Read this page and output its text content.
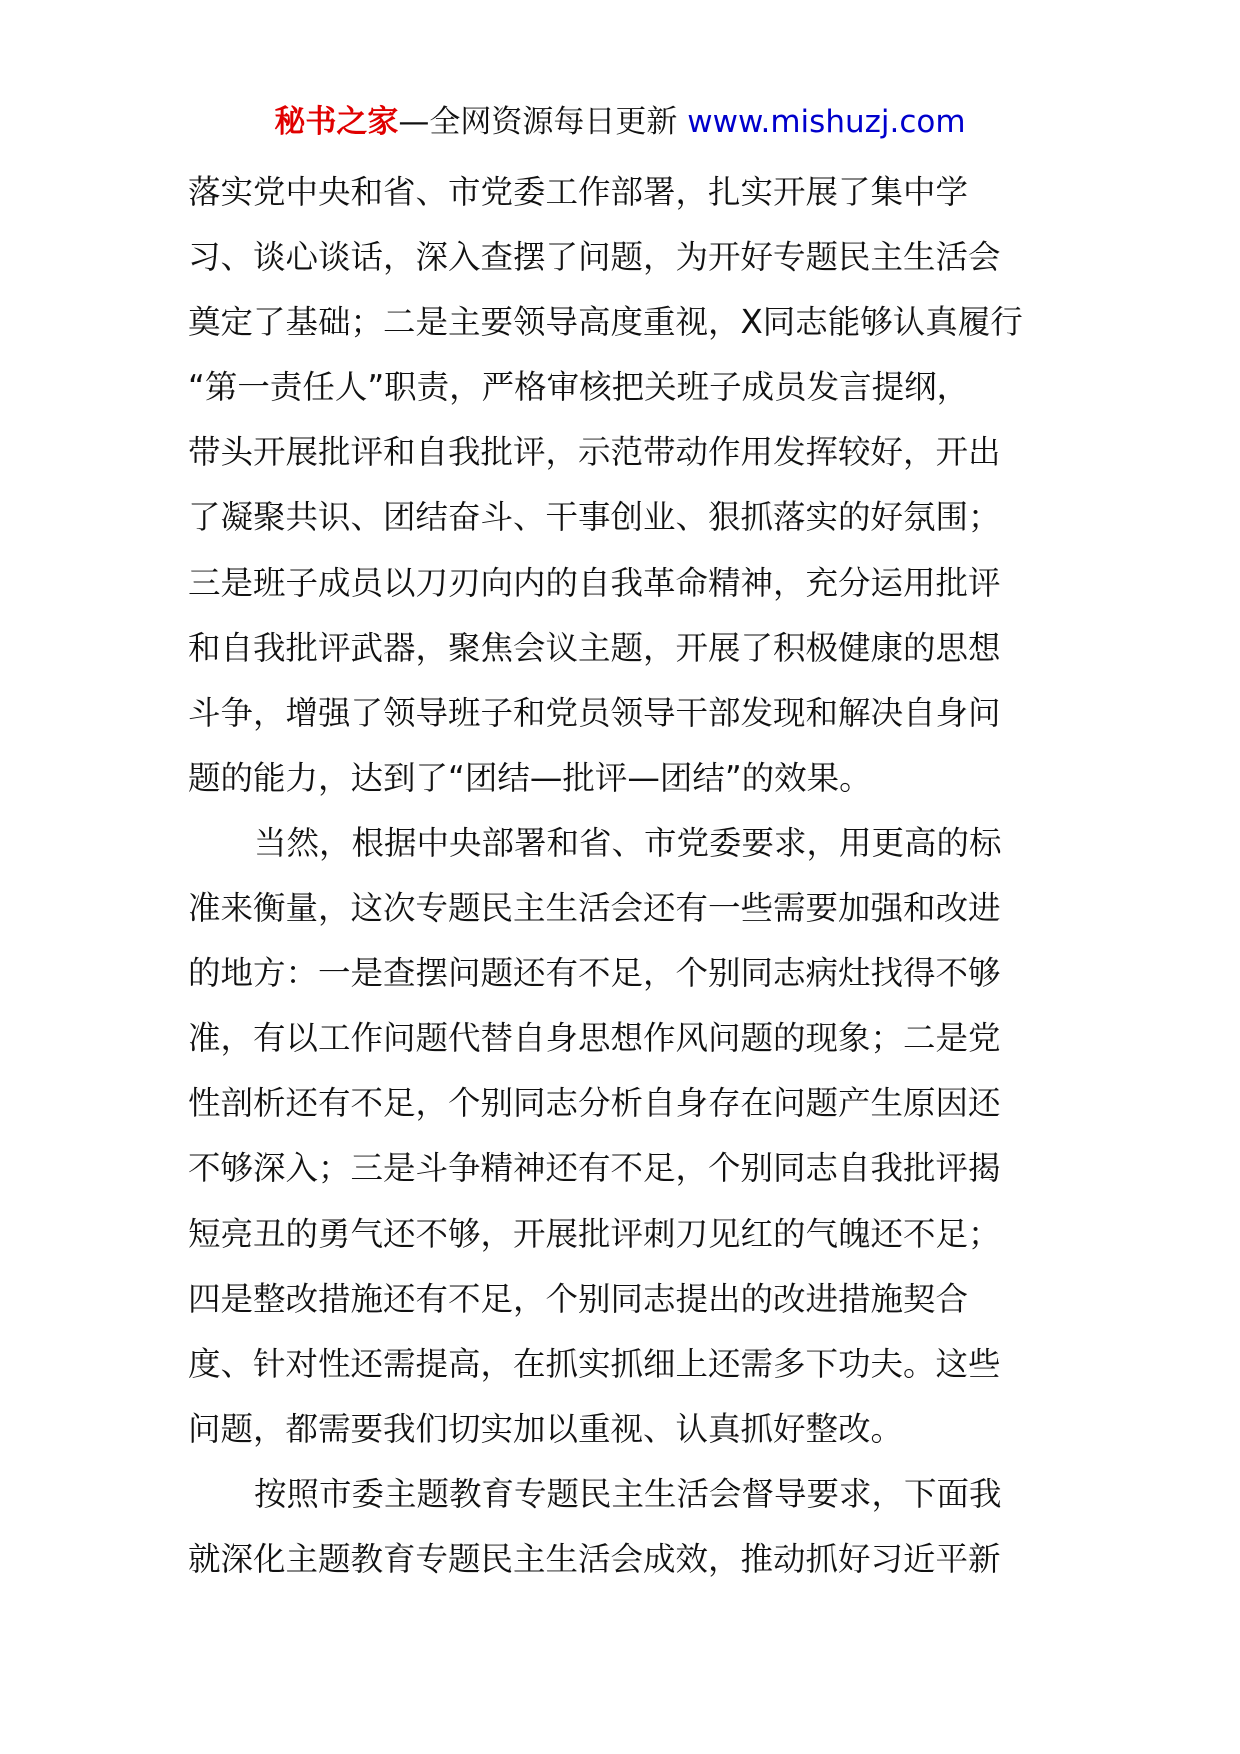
秘书之家—全网资源每日更新 www.mishuzj.com
落实党中央和省、市党委工作部署，扎实开展了集中学
习、谈心谈话，深入查摆了问题，为开好专题民主生活会
奠定了基础；二是主要领导高度重视，X同志能够认真履行
“第一责任人”职责，严格审核把关班子成员发言提纲，
带头开展批评和自我批评，示范带动作用发挥较好，开出
了凝聚共识、团结奋斗、干事创业、狠抓落实的好氛围；
三是班子成员以刀刃向内的自我革命精神，充分运用批评
和自我批评武器，聚焦会议主题，开展了积极健康的思想
斗争，增强了领导班子和党员领导干部发现和解决自身问
题的能力，达到了“团结—批评—团结”的效果。
当然，根据中央部署和省、市党委要求，用更高的标
准来衡量，这次专题民主生活会还有一些需要加强和改进
的地方：一是查摆问题还有不足，个别同志病灶找得不够
准，有以工作问题代替自身思想作风问题的现象；二是党
性剖析还有不足，个别同志分析自身存在问题产生原因还
不够深入；三是斗争精神还有不足，个别同志自我批评揭
短亮丑的勇气还不够，开展批评刺刀见红的气魄还不足；
四是整改措施还有不足，个别同志提出的改进措施契合
度、针对性还需提高，在抓实抓细上还需多下功夫。这些
问题，都需要我们切实加以重视、认真抓好整改。
按照市委主题教育专题民主生活会督导要求，下面我
就深化主题教育专题民主生活会成效，推动抓好习近平新
